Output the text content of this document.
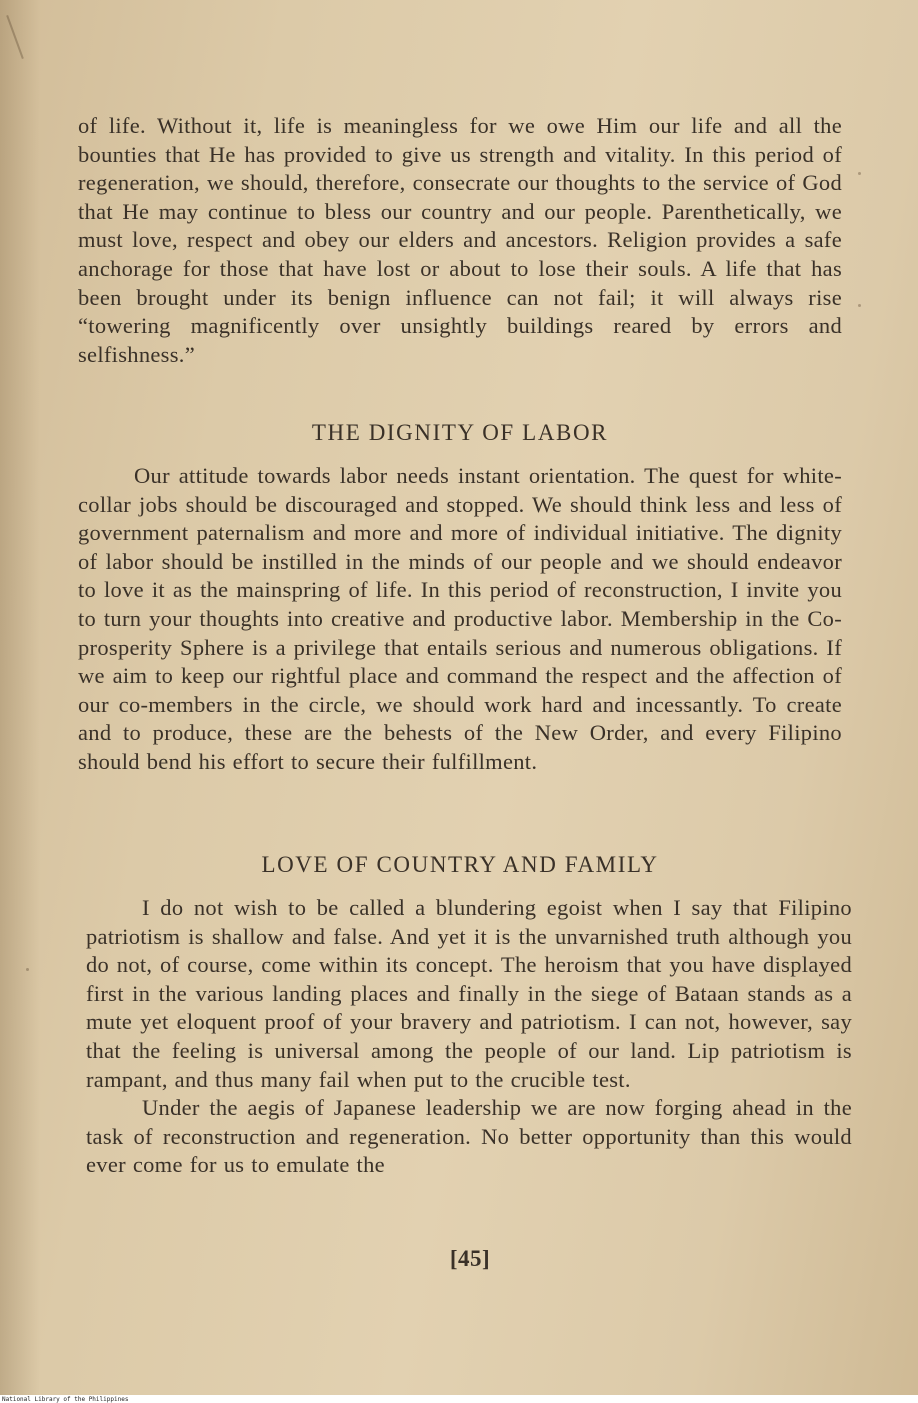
of life. Without it, life is meaningless for we owe Him our life and all the bounties that He has provided to give us strength and vitality. In this period of regeneration, we should, therefore, consecrate our thoughts to the service of God that He may continue to bless our country and our people. Parenthetically, we must love, respect and obey our elders and ancestors. Religion provides a safe anchorage for those that have lost or about to lose their souls. A life that has been brought under its benign influence can not fail; it will always rise “towering magnificently over unsightly buildings reared by errors and selfishness.”

THE DIGNITY OF LABOR

Our attitude towards labor needs instant orientation. The quest for white-collar jobs should be discouraged and stopped. We should think less and less of government paternalism and more and more of individual initiative. The dignity of labor should be instilled in the minds of our people and we should endeavor to love it as the mainspring of life. In this period of reconstruction, I invite you to turn your thoughts into creative and productive labor. Membership in the Co-prosperity Sphere is a privilege that entails serious and numerous obligations. If we aim to keep our rightful place and command the respect and the affection of our co-members in the circle, we should work hard and incessantly. To create and to produce, these are the behests of the New Order, and every Filipino should bend his effort to secure their fulfillment.

LOVE OF COUNTRY AND FAMILY

I do not wish to be called a blundering egoist when I say that Filipino patriotism is shallow and false. And yet it is the unvarnished truth although you do not, of course, come within its concept. The heroism that you have displayed first in the various landing places and finally in the siege of Bataan stands as a mute yet eloquent proof of your bravery and patriotism. I can not, however, say that the feeling is universal among the people of our land. Lip patriotism is rampant, and thus many fail when put to the crucible test.

Under the aegis of Japanese leadership we are now forging ahead in the task of reconstruction and regeneration. No better opportunity than this would ever come for us to emulate the

[45]
National Library of the Philippines
